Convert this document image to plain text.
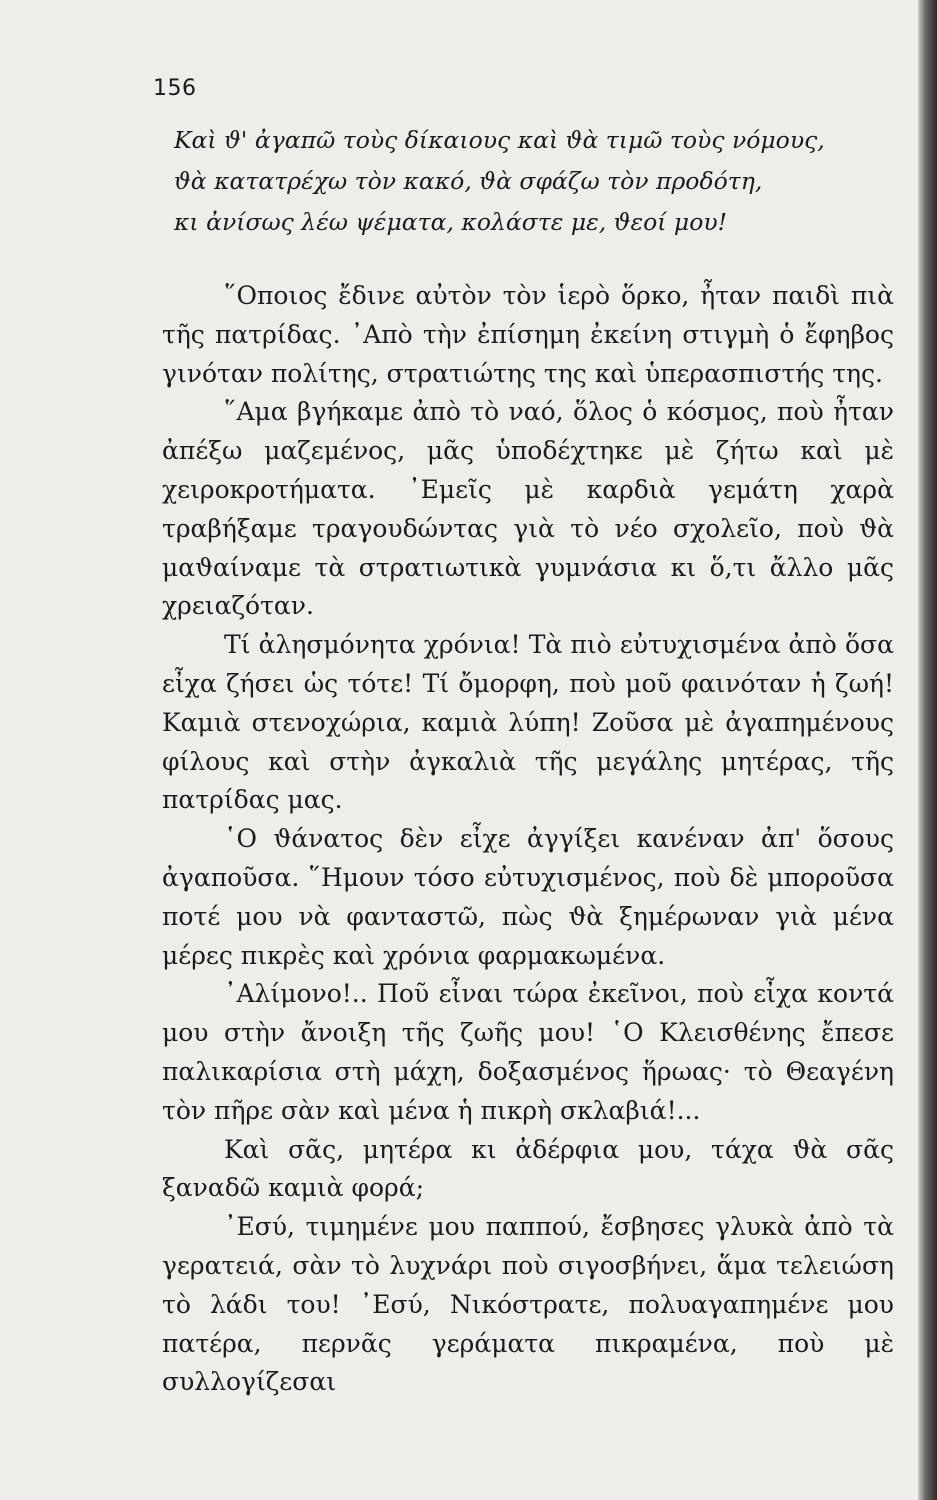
156
Καὶ ϑ' ἀγαπῶ τοὺς δίκαιους καὶ ϑὰ τιμῶ τοὺς νόμους,
ϑὰ κατατρέχω τὸν κακό, ϑὰ σφάζω τὸν προδότη,
κι ἀνίσως λέω ψέματα, κολάστε με, ϑεοί μου!

῞Οποιος ἔδινε αὐτὸν τὸν ἱερὸ ὅρκο, ἦταν παιδὶ πιὰ τῆς πατρίδας. ᾿Απὸ τὴν ἐπίσημη ἐκείνη στιγμὴ ὁ ἔφηβος γινόταν πολίτης, στρατιώτης της καὶ ὑπερασπιστής της.

῞Αμα βγήκαμε ἀπὸ τὸ ναό, ὅλος ὁ κόσμος, ποὺ ἦταν ἀπέξω μαζεμένος, μᾶς ὑποδέχτηκε μὲ ζήτω καὶ μὲ χειροκροτήματα. ᾿Εμεῖς μὲ καρδιὰ γεμάτη χαρὰ τραβήξαμε τραγουδώντας γιὰ τὸ νέο σχολεῖο, ποὺ ϑὰ μαϑαίναμε τὰ στρατιωτικὰ γυμνάσια κι ὅ,τι ἄλλο μᾶς χρειαζόταν.

Τί ἀλησμόνητα χρόνια! Τὰ πιὸ εὐτυχισμένα ἀπὸ ὅσα εἶχα ζήσει ὡς τότε! Τί ὄμορφη, ποὺ μοῦ φαινόταν ἡ ζωή! Καμιὰ στενοχώρια, καμιὰ λύπη! Ζοῦσα μὲ ἀγαπημένους φίλους καὶ στὴν ἀγκαλιὰ τῆς μεγάλης μητέρας, τῆς πατρίδας μας.

῾Ο ϑάνατος δὲν εἶχε ἀγγίξει κανέναν ἀπ' ὅσους ἀγαποῦσα. ῞Ημουν τόσο εὐτυχισμένος, ποὺ δὲ μποροῦσα ποτέ μου νὰ φανταστῶ, πὼς ϑὰ ξημέρωναν γιὰ μένα μέρες πικρὲς καὶ χρόνια φαρμακωμένα.

᾿Αλίμονο!.. Ποῦ εἶναι τώρα ἐκεῖνοι, ποὺ εἶχα κοντά μου στὴν ἄνοιξη τῆς ζωῆς μου! ῾Ο Κλεισθένης ἔπεσε παλικαρίσια στὴ μάχη, δοξασμένος ἥρωας· τὸ Θεαγένη τὸν πῆρε σὰν καὶ μένα ἡ πικρὴ σκλαβιά!...

Καὶ σᾶς, μητέρα κι ἀδέρφια μου, τάχα ϑὰ σᾶς ξαναδῶ καμιὰ φορά;

᾿Εσύ, τιμημένε μου παππού, ἔσβησες γλυκὰ ἀπὸ τὰ γερατειά, σὰν τὸ λυχνάρι ποὺ σιγοσβήνει, ἅμα τελειώση τὸ λάδι του! ᾿Εσύ, Νικόστρατε, πολυαγαπημένε μου πατέρα, περνᾶς γεράματα πικραμένα, ποὺ μὲ συλλογίζεσαι
